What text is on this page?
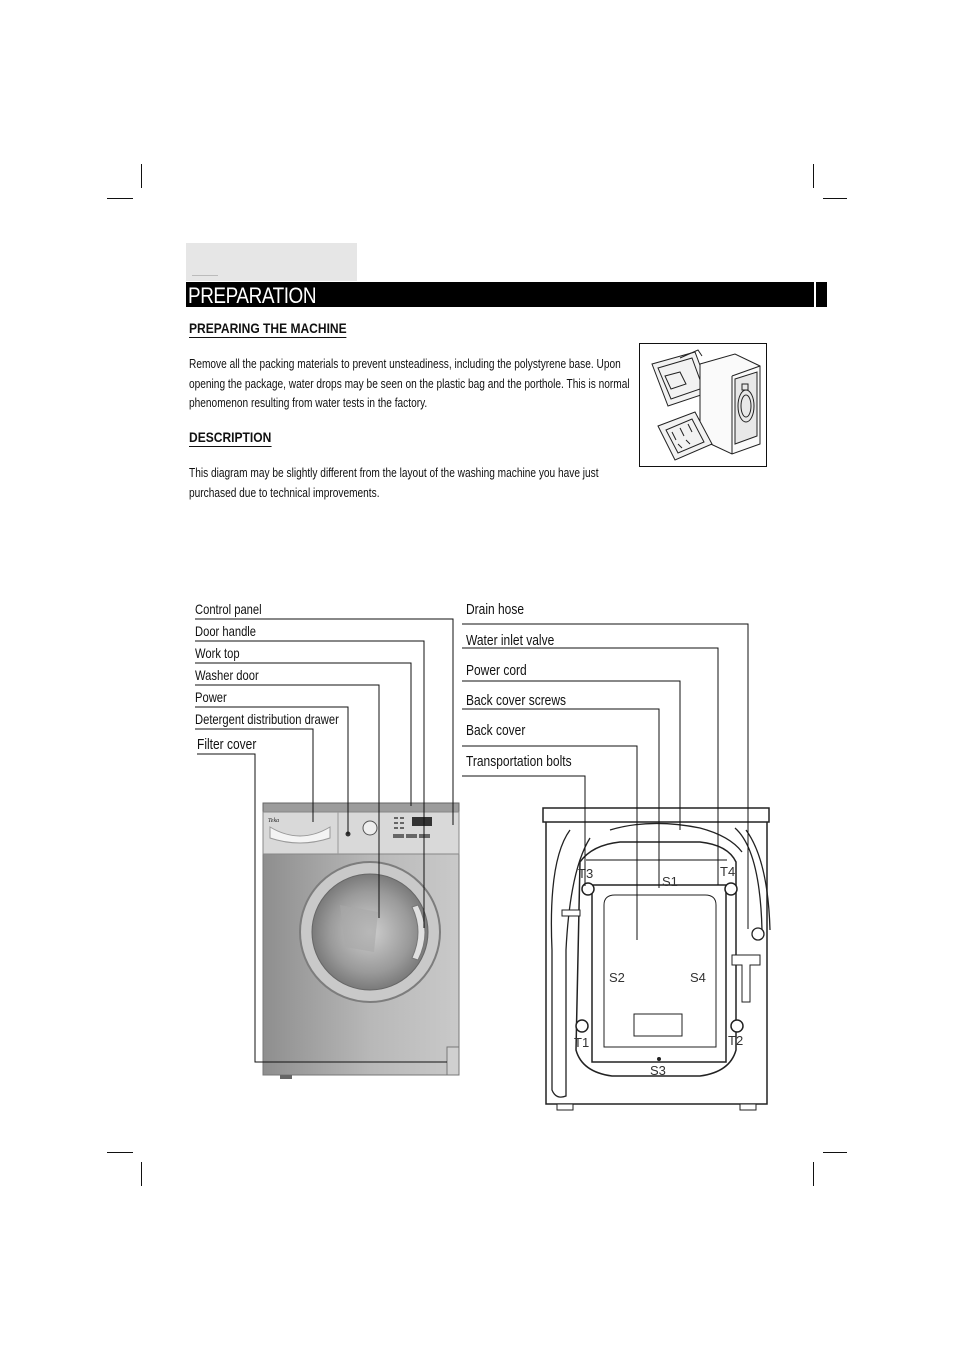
PREPARATION
PREPARING THE MACHINE
Remove all the packing materials to prevent unsteadiness, including the polystyrene base. Upon
opening the package, water drops may be seen on the plastic bag and the porthole. This is normal
phenomenon resulting from water tests in the factory.
DESCRIPTION
This diagram may be slightly different from the layout of the washing machine you have just
purchased due to technical improvements.
Control panel
Door handle
Work top
Washer door
Power
Detergent distribution drawer
Filter cover
Drain hose
Water inlet valve
Power cord
Back cover screws
Back cover
Transportation bolts
Teka
S1
S2
S3
S4
T1	T2
T3	T4
